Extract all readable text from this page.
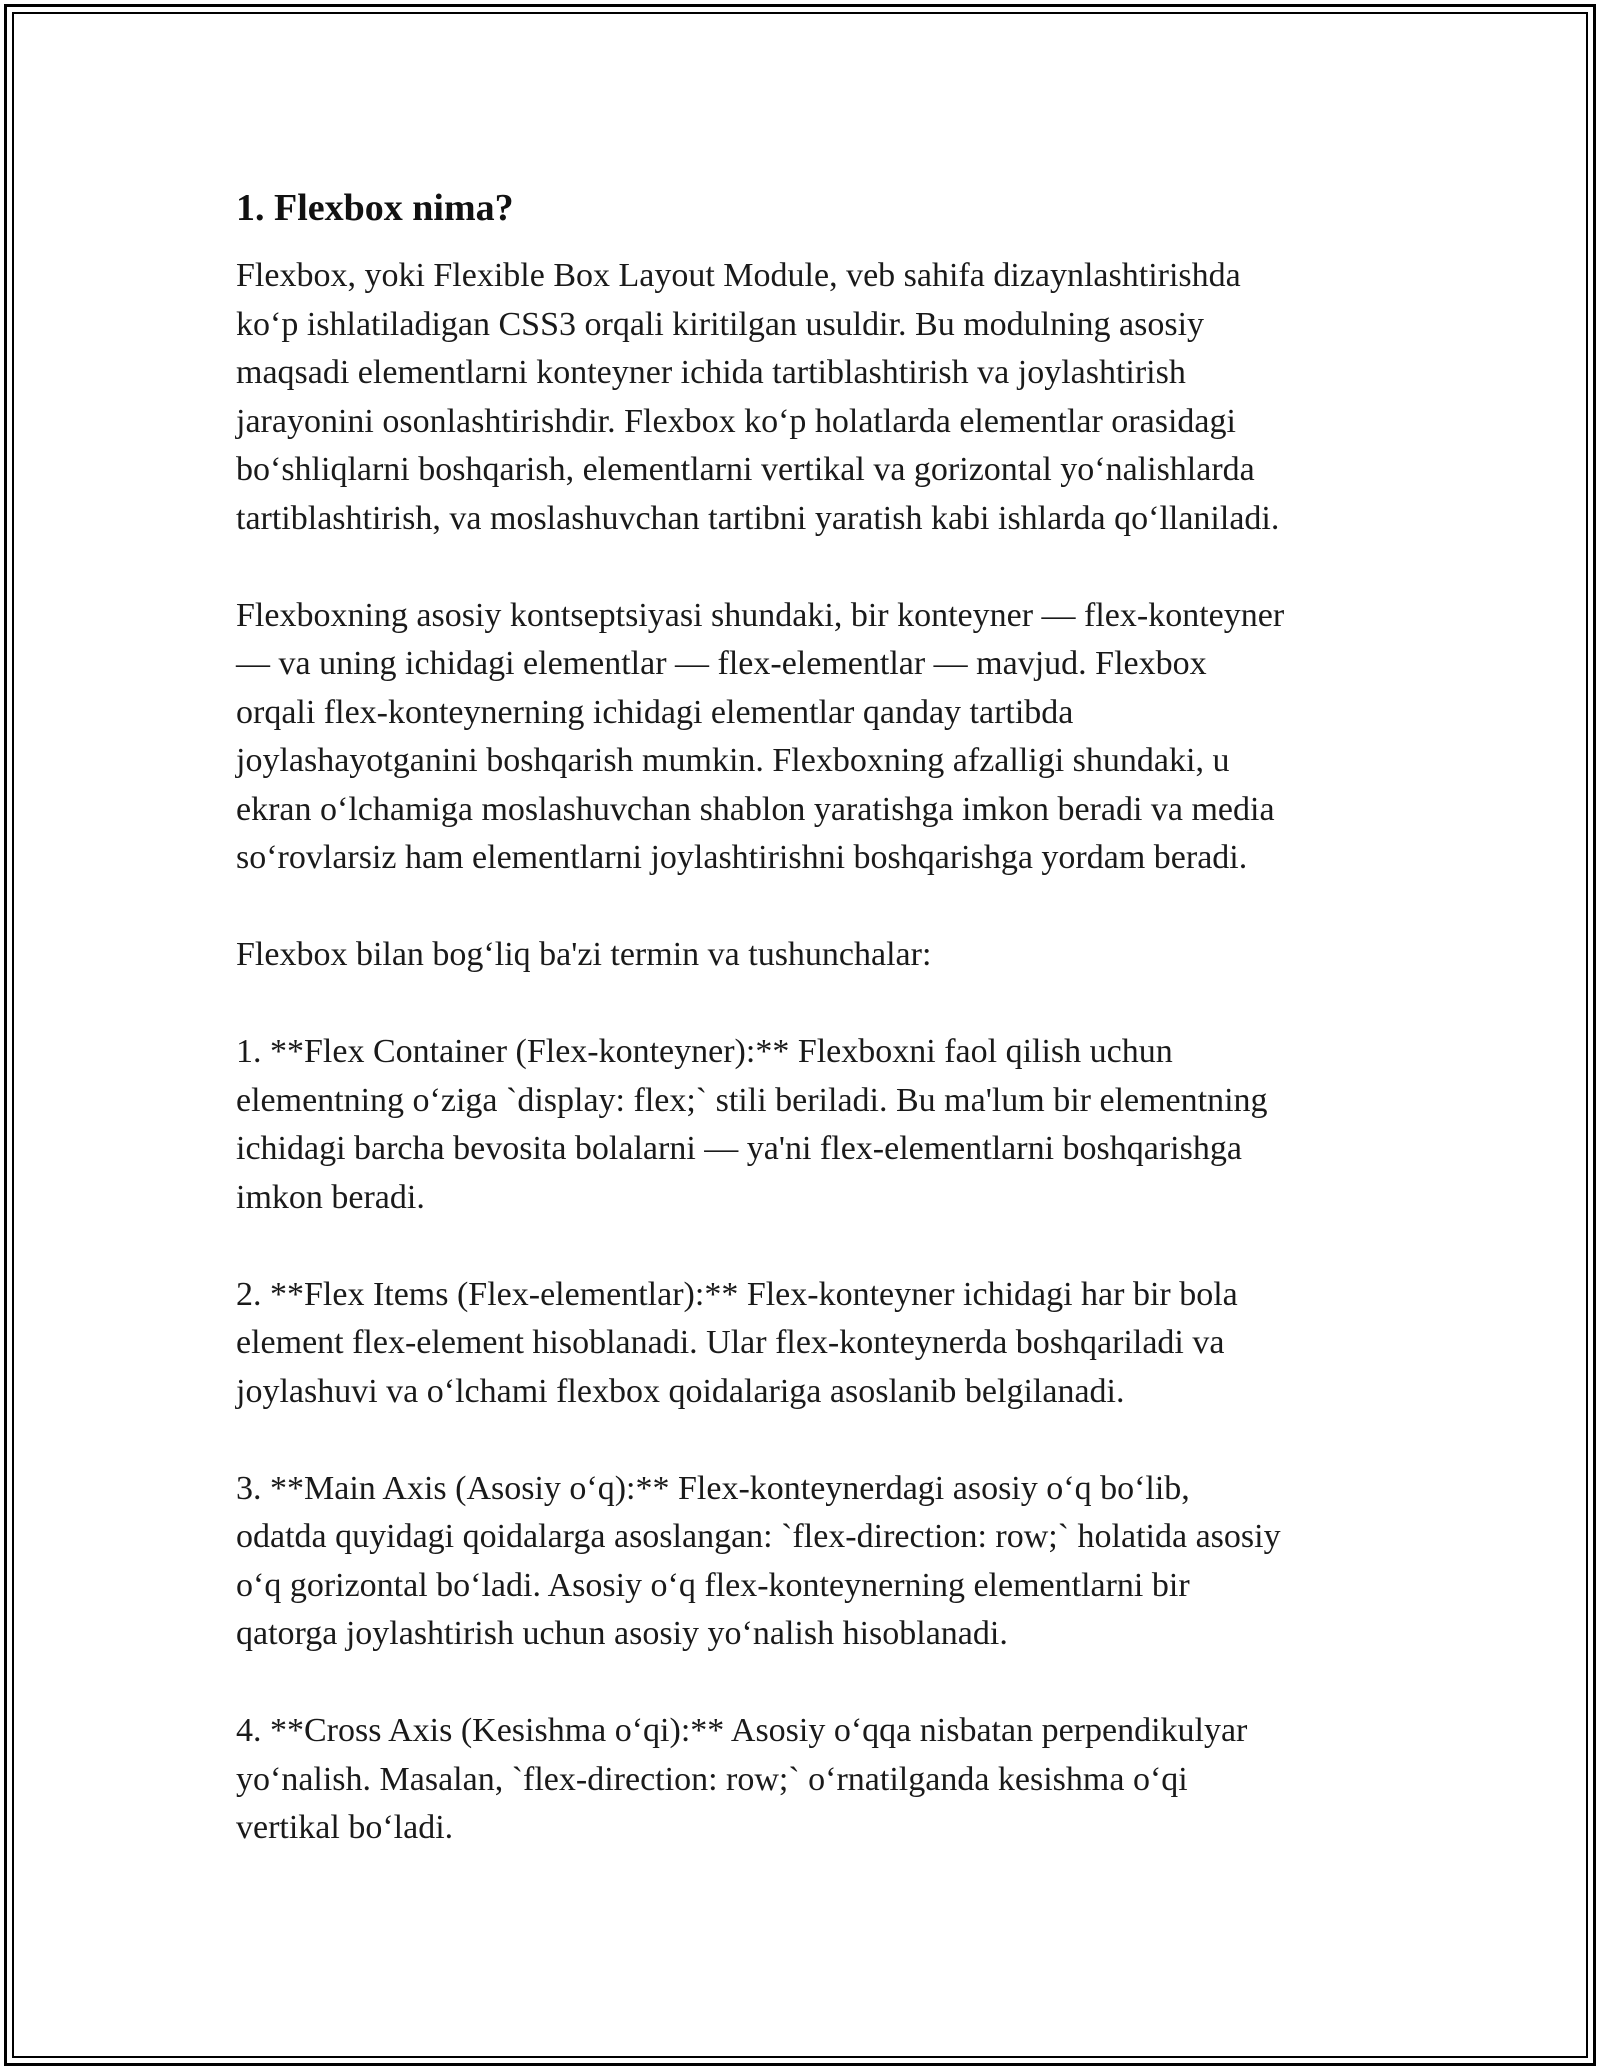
1. Flexbox nima?

Flexbox, yoki Flexible Box Layout Module, veb sahifa dizaynlashtirishda
ko‘p ishlatiladigan CSS3 orqali kiritilgan usuldir. Bu modulning asosiy
maqsadi elementlarni konteyner ichida tartiblashtirish va joylashtirish
jarayonini osonlashtirishdir. Flexbox ko‘p holatlarda elementlar orasidagi
bo‘shliqlarni boshqarish, elementlarni vertikal va gorizontal yo‘nalishlarda
tartiblashtirish, va moslashuvchan tartibni yaratish kabi ishlarda qo‘llaniladi.

Flexboxning asosiy kontseptsiyasi shundaki, bir konteyner — flex-konteyner
— va uning ichidagi elementlar — flex-elementlar — mavjud. Flexbox
orqali flex-konteynerning ichidagi elementlar qanday tartibda
joylashayotganini boshqarish mumkin. Flexboxning afzalligi shundaki, u
ekran o‘lchamiga moslashuvchan shablon yaratishga imkon beradi va media
so‘rovlarsiz ham elementlarni joylashtirishni boshqarishga yordam beradi.

Flexbox bilan bog‘liq ba'zi termin va tushunchalar:

1. **Flex Container (Flex-konteyner):** Flexboxni faol qilish uchun
elementning o‘ziga `display: flex;` stili beriladi. Bu ma'lum bir elementning
ichidagi barcha bevosita bolalarni — ya'ni flex-elementlarni boshqarishga
imkon beradi.

2. **Flex Items (Flex-elementlar):** Flex-konteyner ichidagi har bir bola
element flex-element hisoblanadi. Ular flex-konteynerda boshqariladi va
joylashuvi va o‘lchami flexbox qoidalariga asoslanib belgilanadi.

3. **Main Axis (Asosiy o‘q):** Flex-konteynerdagi asosiy o‘q bo‘lib,
odatda quyidagi qoidalarga asoslangan: `flex-direction: row;` holatida asosiy
o‘q gorizontal bo‘ladi. Asosiy o‘q flex-konteynerning elementlarni bir
qatorga joylashtirish uchun asosiy yo‘nalish hisoblanadi.

4. **Cross Axis (Kesishma o‘qi):** Asosiy o‘qqa nisbatan perpendikulyar
yo‘nalish. Masalan, `flex-direction: row;` o‘rnatilganda kesishma o‘qi
vertikal bo‘ladi.
